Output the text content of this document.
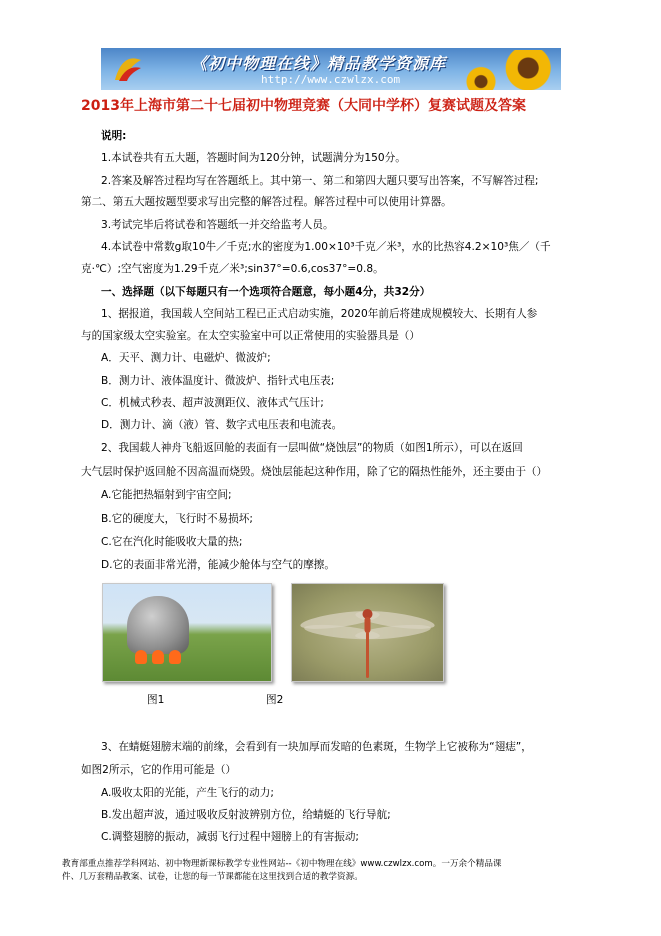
《初中物理在线》精品教学资源库
http://www.czwlzx.com
2013年上海市第二十七届初中物理竞赛（大同中学杯）复赛试题及答案
说明:
1.本试卷共有五大题，答题时间为120分钟，试题满分为150分。
2.答案及解答过程均写在答题纸上。其中第一、第二和第四大题只要写出答案，不写解答过程;
第二、第五大题按题型要求写出完整的解答过程。解答过程中可以使用计算器。
3.考试完毕后将试卷和答题纸一并交给监考人员。
4.本试卷中常数g取10牛／千克;水的密度为1.00×10³千克／米³，水的比热容4.2×10³焦／（千
克·℃）;空气密度为1.29千克／米³;sin37°=0.6,cos37°=0.8。
一、选择题（以下每题只有一个选项符合题意，每小题4分，共32分）
1、据报道，我国载人空间站工程已正式启动实施，2020年前后将建成规模较大、长期有人参
与的国家级太空实验室。在太空实验室中可以正常使用的实验器具是（）
A．天平、测力计、电磁炉、微波炉;
B．测力计、液体温度计、微波炉、指针式电压表;
C．机械式秒表、超声波测距仪、液体式气压计;
D．测力计、滴（液）管、数字式电压表和电流表。
2、我国载人神舟飞船返回舱的表面有一层叫做“烧蚀层”的物质（如图1所示），可以在返回
大气层时保护返回舱不因高温而烧毁。烧蚀层能起这种作用，除了它的隔热性能外，还主要由于（）
A.它能把热辐射到宇宙空间;
B.它的硬度大，飞行时不易损坏;
C.它在汽化时能吸收大量的热;
D.它的表面非常光滑，能减少舱体与空气的摩擦。
图1	图2
3、在蜻蜓翅膀末端的前缘，会看到有一块加厚而发暗的色素斑，生物学上它被称为“翅痣”，
如图2所示，它的作用可能是（）
A.吸收太阳的光能，产生飞行的动力;
B.发出超声波，通过吸收反射波辨别方位，给蜻蜓的飞行导航;
C.调整翅膀的振动，减弱飞行过程中翅膀上的有害振动;
教育部重点推荐学科网站、初中物理新课标教学专业性网站--《初中物理在线》www.czwlzx.com。一万余个精品课
件、几万套精品教案、试卷，让您的每一节课都能在这里找到合适的教学资源。
